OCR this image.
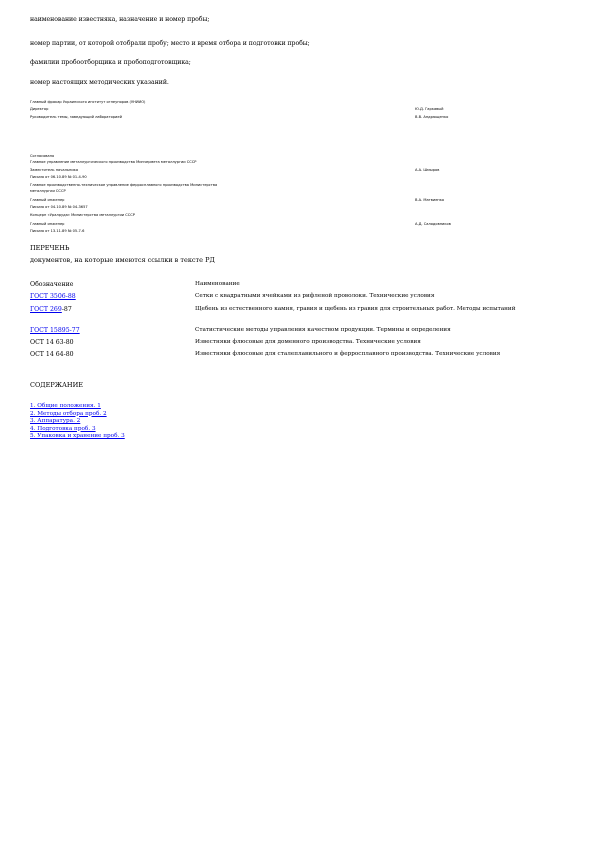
наименование известняка, назначение и номер пробы;
номер партии, от которой отобрали пробу; место и время отбора и подготовки пробы;
фамилии пробоотборщика и пробоподготовщика;
номер настоящих методических указаний.
Главный фракар Украинского институт огнеупоров (УНИИО)
Директор	Ю.Д. Гаркавый
Руководитель темы, заведующий лабораторией	В.В. Андрющенко
Согласовано
Главное управление металлургического производства Минчермета металлургии СССР
Заместитель начальника	А.А. Шмыров
Письмо от 06.10.89 № 01-4-90
Главное производственно-техническое управление ферросплавного производства Министерства
металлургии СССР
Главный инженер	В.А. Матвиенко
Письмо от 04.10.89 № 04-3657
Концерн «Уралруда» Министерства металлургии СССР
Главный инженер	А.Д. Салодовников
Письмо от 13.11.89 № 05-7-6
ПЕРЕЧЕНЬ
документов, на которые имеются ссылки в тексте РД
Обозначение	Наименование
ГОСТ 3506-88	Сетки с квадратными ячейками из рифленой проволоки. Технические условия
ГОСТ 269-87	Щебень из естественного камня, гравия и щебень из гравия для строительных работ. Методы испытаний
ГОСТ 15895-77	Статистические методы управления качеством продукции. Термины и определения
ОСТ 14 63-80	Известняки флюсовые для доменного производства. Технические условия
ОСТ 14 64-80	Известняки флюсовые для сталеплавильного и ферросплавного производства. Технические условия
СОДЕРЖАНИЕ
1. Общие положения. 1
2. Методы отбора проб. 2
3. Аппаратура. 2
4. Подготовка проб. 3
5. Упаковка и хранение проб. 3
